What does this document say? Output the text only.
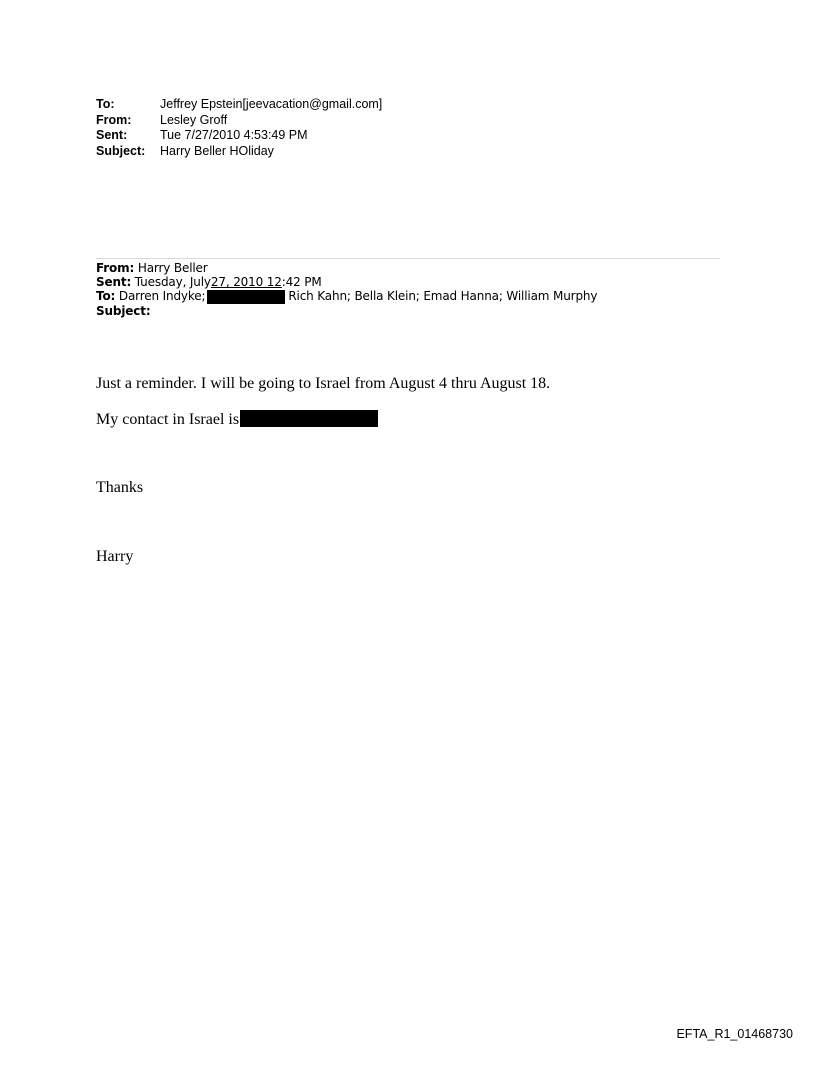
To:	Jeffrey Epstein[jeevacation@gmail.com]
From:	Lesley Groff
Sent:	Tue 7/27/2010 4:53:49 PM
Subject:	Harry Beller HOliday
From: Harry Beller
Sent: Tuesday, July27, 2010 12:42 PM
To: Darren Indyke;	Rich Kahn; Bella Klein; Emad Hanna; William Murphy
Subject:
Just a reminder. I will be going to Israel from August 4 thru August 18.
My contact in Israel is
Thanks
Harry
EFTA_R1_01468730
